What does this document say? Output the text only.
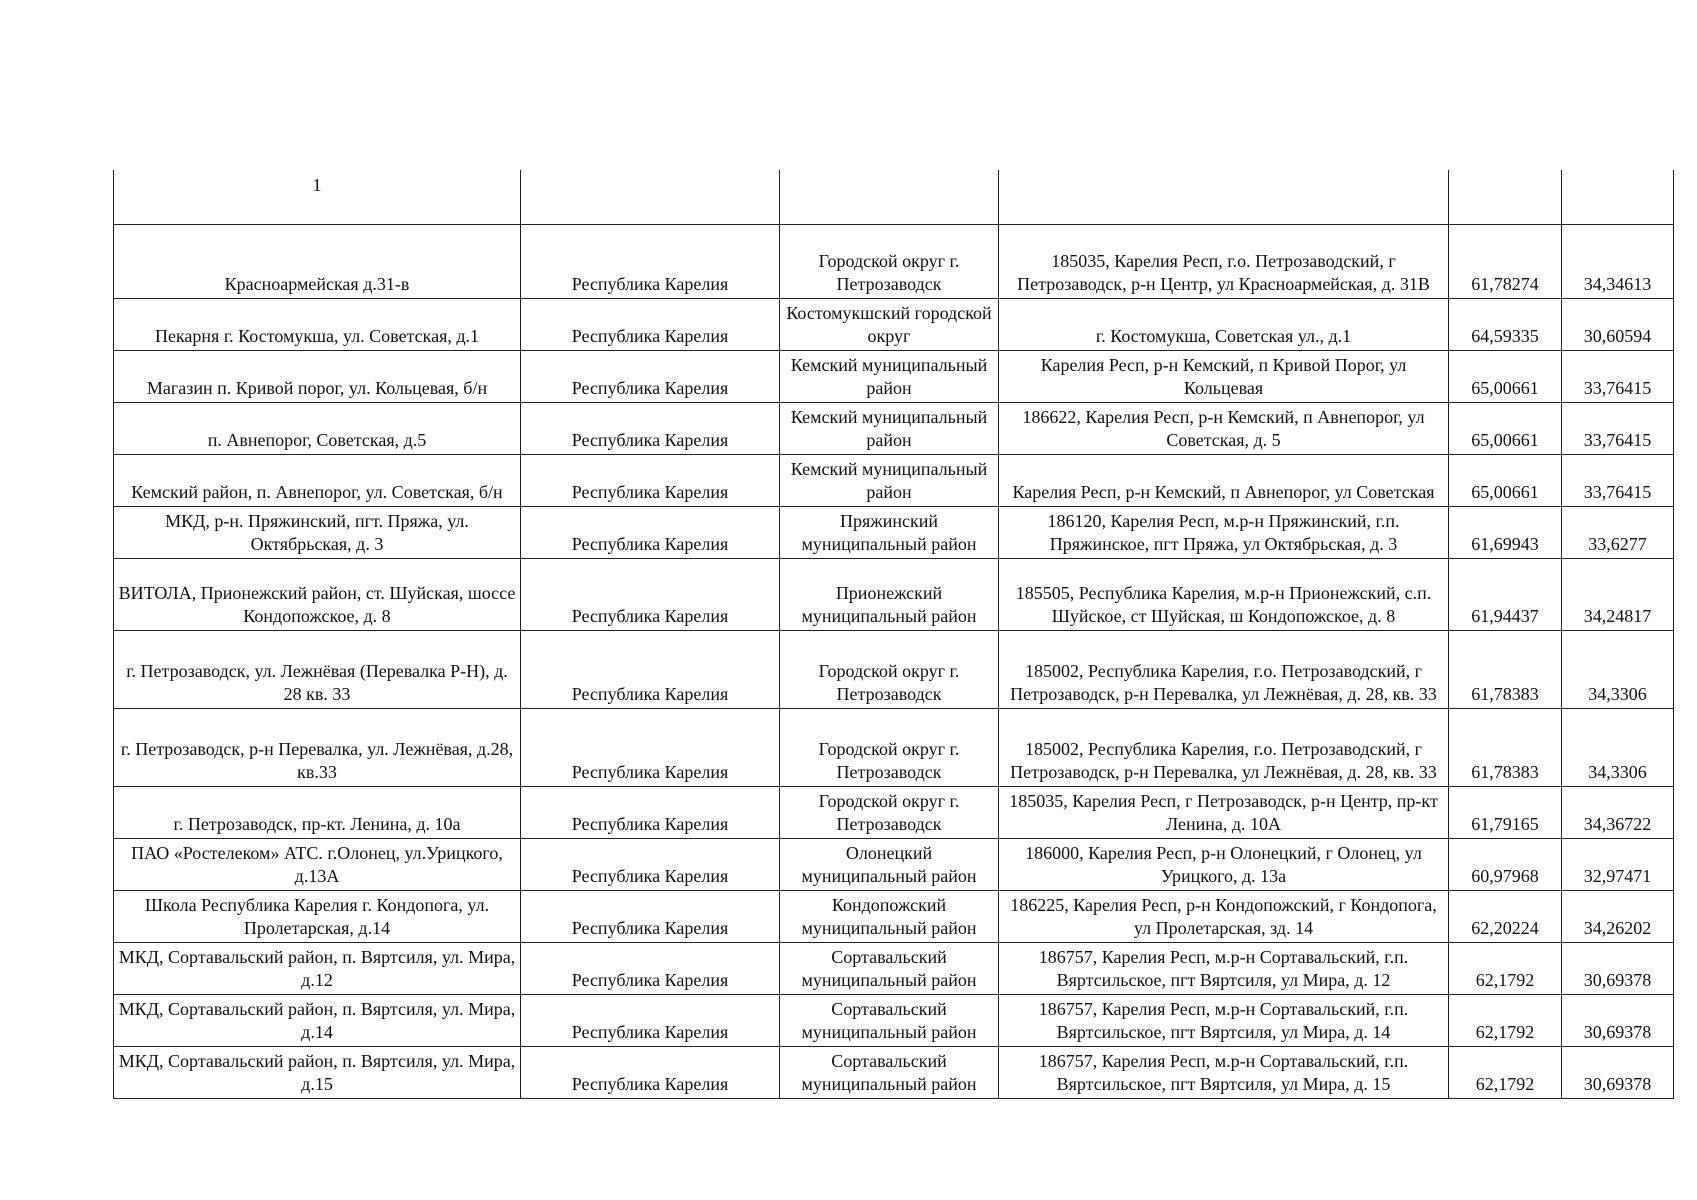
1					
Красноармейская д.31-в	Республика Карелия	Городской округ г. Петрозаводск	185035, Карелия Респ, г.о. Петрозаводский, г Петрозаводск, р-н Центр, ул Красноармейская, д. 31В	61,78274	34,34613
Пекарня г. Костомукша, ул. Советская, д.1	Республика Карелия	Костомукшский городской округ	г. Костомукша, Советская ул., д.1	64,59335	30,60594
Магазин п. Кривой порог, ул. Кольцевая, б/н	Республика Карелия	Кемский муниципальный район	Карелия Респ, р-н Кемский, п Кривой Порог, ул Кольцевая	65,00661	33,76415
п. Авнепорог, Советская, д.5	Республика Карелия	Кемский муниципальный район	186622, Карелия Респ, р-н Кемский, п Авнепорог, ул Советская, д. 5	65,00661	33,76415
Кемский район, п. Авнепорог, ул. Советская, б/н	Республика Карелия	Кемский муниципальный район	Карелия Респ, р-н Кемский, п Авнепорог, ул Советская	65,00661	33,76415
МКД, р-н. Пряжинский, пгт. Пряжа, ул. Октябрьская, д. 3	Республика Карелия	Пряжинский муниципальный район	186120, Карелия Респ, м.р-н Пряжинский, г.п. Пряжинское, пгт Пряжа, ул Октябрьская, д. 3	61,69943	33,6277
ВИТОЛА, Прионежский район, ст. Шуйская, шоссе Кондопожское, д. 8	Республика Карелия	Прионежский муниципальный район	185505, Республика Карелия, м.р-н Прионежский, с.п. Шуйское, ст Шуйская, ш Кондопожское, д. 8	61,94437	34,24817
г. Петрозаводск, ул. Лежнёвая (Перевалка Р-Н), д. 28 кв. 33	Республика Карелия	Городской округ г. Петрозаводск	185002, Республика Карелия, г.о. Петрозаводский, г Петрозаводск, р-н Перевалка, ул Лежнёвая, д. 28, кв. 33	61,78383	34,3306
г. Петрозаводск, р-н Перевалка, ул. Лежнёвая, д.28, кв.33	Республика Карелия	Городской округ г. Петрозаводск	185002, Республика Карелия, г.о. Петрозаводский, г Петрозаводск, р-н Перевалка, ул Лежнёвая, д. 28, кв. 33	61,78383	34,3306
г. Петрозаводск, пр-кт. Ленина, д. 10а	Республика Карелия	Городской округ г. Петрозаводск	185035, Карелия Респ, г Петрозаводск, р-н Центр, пр-кт Ленина, д. 10А	61,79165	34,36722
ПАО «Ростелеком» АТС. г.Олонец, ул.Урицкого, д.13А	Республика Карелия	Олонецкий муниципальный район	186000, Карелия Респ, р-н Олонецкий, г Олонец, ул Урицкого, д. 13а	60,97968	32,97471
Школа Республика Карелия г. Кондопога, ул. Пролетарская, д.14	Республика Карелия	Кондопожский муниципальный район	186225, Карелия Респ, р-н Кондопожский, г Кондопога, ул Пролетарская, зд. 14	62,20224	34,26202
МКД, Сортавальский район, п. Вяртсиля, ул. Мира, д.12	Республика Карелия	Сортавальский муниципальный район	186757, Карелия Респ, м.р-н Сортавальский, г.п. Вяртсильское, пгт Вяртсиля, ул Мира, д. 12	62,1792	30,69378
МКД, Сортавальский район, п. Вяртсиля, ул. Мира, д.14	Республика Карелия	Сортавальский муниципальный район	186757, Карелия Респ, м.р-н Сортавальский, г.п. Вяртсильское, пгт Вяртсиля, ул Мира, д. 14	62,1792	30,69378
МКД, Сортавальский район, п. Вяртсиля, ул. Мира, д.15	Республика Карелия	Сортавальский муниципальный район	186757, Карелия Респ, м.р-н Сортавальский, г.п. Вяртсильское, пгт Вяртсиля, ул Мира, д. 15	62,1792	30,69378
